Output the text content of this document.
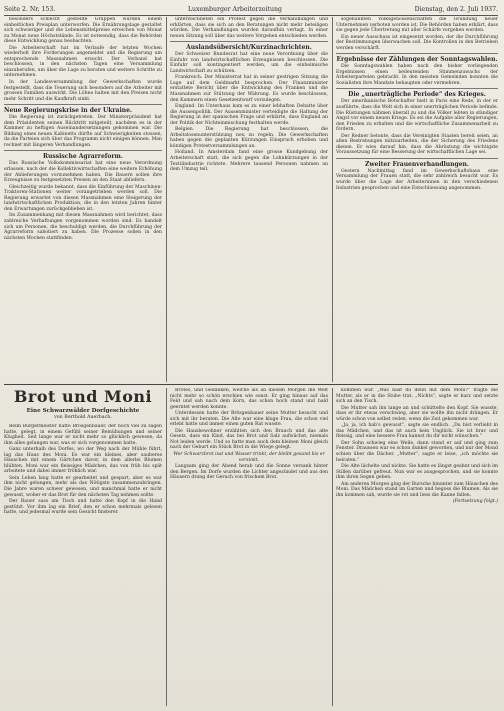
Seite 2. Nr. 153.	Luxemburger Arbeiterzeitung	Dienstag, den 2. Juli 1937.

besonders schlecht gestellte Gruppen wurden einem einheitlichen Preisplan unterworfen. Die Ernährungslage gestaltet sich schwieriger und die Lebensmittelpreise erreichen von Monat zu Monat neue Höchststände. Es ist notwendig, dass die Behörden diese Entwicklung genau beobachten.

Die Arbeiterschaft hat im Verlaufe der letzten Wochen wiederholt ihre Forderungen angemeldet und die Regierung um entsprechende Massnahmen ersucht. Der Verband hat beschlossen, in den nächsten Tagen eine Versammlung einzuberufen, um über die Lage zu beraten und weitere Schritte zu unternehmen.

In der Landesversammlung der Gewerkschaften wurde festgestellt, dass die Teuerung sich besonders auf die Arbeiter mit grossen Familien auswirkt. Die Löhne halten mit den Preisen nicht mehr Schritt und die Kaufkraft sinkt.

Neue Regierungskrise in der Ukraine.

Die Regierung ist zurückgetreten. Der Ministerpräsident hat dem Präsidenten seinen Rücktritt mitgeteilt, nachdem es in der Kammer zu heftigen Auseinandersetzungen gekommen war. Die Bildung eines neuen Kabinetts dürfte auf Schwierigkeiten stossen, da die Parteien sich über das Programm nicht einigen können. Man rechnet mit längeren Verhandlungen.

Russische Agrarreform.

Das Russische Volkskommissariat hat eine neue Verordnung erlassen, nach der die Kollektivwirtschaften eine weitere Erhöhung der Ablieferungen vorzunehmen haben. Die Bauern sollen ihre Erzeugnisse zu festgesetzten Preisen an den Staat abliefern.

Gleichzeitig wurde bekannt, dass die Einführung der Maschinen-Traktoren-Stationen weiter vorangetrieben werden soll. Die Regierung erwartet von diesen Massnahmen eine Steigerung der landwirtschaftlichen Produktion, die in den letzten Jahren hinter den Erwartungen zurückgeblieben ist.

Im Zusammenhang mit diesen Massnahmen wird berichtet, dass zahlreiche Verhaftungen vorgenommen worden sind. Es handelt sich um Personen, die beschuldigt werden, die Durchführung der Agrarreform sabotiert zu haben. Die Prozesse sollen in den nächsten Wochen stattfinden.

unterzeichneten ein Protest gegen die Verhandlungen und erklärten, dass sie sich an den Beratungen nicht mehr beteiligen würden. Die Verhandlungen wurden daraufhin vertagt. In einer neuen Sitzung soll über das weitere Vorgehen entschieden werden.

Auslandsübersicht/Kurzinachrichten.

Der Schweizer Bundesrat hat eine neue Verordnung über die Einfuhr von landwirtschaftlichen Erzeugnissen beschlossen. Die Einfuhr soll kontingentiert werden, um die einheimische Landwirtschaft zu schützen.

Frankreich. Der Ministerrat hat in seiner gestrigen Sitzung die Lage auf dem Geldmarkt besprochen. Der Finanzminister erstattete Bericht über die Entwicklung des Franken und die Massnahmen zur Stützung der Währung. Es wurde beschlossen, den Kammern einen Gesetzentwurf vorzulegen.

England. Im Unterhaus kam es zu einer lebhaften Debatte über die Aussenpolitik. Der Aussenminister verteidigte die Haltung der Regierung in der spanischen Frage und erklärte, dass England an der Politik der Nichteinmischung festhalten werde.

Belgien. Die Regierung hat beschlossen, die Arbeitslosenunterstützung neu zu regeln. Die Gewerkschaften haben gegen die geplanten Kürzungen Einspruch erhoben und kündigen Protestversammlungen an.

Holland. In Amsterdam fand eine grosse Kundgebung der Arbeiterschaft statt, die sich gegen die Lohnkürzungen in der Textilindustrie richtete. Mehrere tausend Personen nahmen an dem Umzug teil.

sogenannten Volksgenossenschaften die Gründung neuer Unternehmen verboten worden ist. Die Behörden haben erklärt, dass sie gegen jede Übertretung mit aller Schärfe vorgehen werden.

Ein neuer Ausschuss ist eingesetzt worden, der die Durchführung der Bestimmungen überwachen soll. Die Kontrollen in den Betrieben werden verschärft.

Ergebnisse der Zählungen der Sonntagswahlen.

Die Sonntagswahlen haben nach den bisher vorliegenden Ergebnissen einen bedeutenden Stimmenzuwachs der Arbeiterparteien gebracht. In den meisten Gemeinden konnten die Sozialisten ihre Mandate behaupten oder vermehren.

Die „unerträgliche Periode“ des Krieges.

Der amerikanische Botschafter hielt in Paris eine Rede, in der er ausführte, dass die Welt sich in einer unerträglichen Periode befinde. Die Rüstungen nähmen überall zu und die Völker lebten in ständiger Angst vor einem neuen Kriege. Es sei die Aufgabe aller Regierungen, den Frieden zu erhalten und die wirtschaftliche Zusammenarbeit zu fördern.

Der Redner betonte, dass die Vereinigten Staaten bereit seien, an allen Bestrebungen mitzuarbeiten, die der Sicherung des Friedens dienen. Er wies darauf hin, dass die Abrüstung die wichtigste Voraussetzung für eine Besserung der wirtschaftlichen Lage sei.

Zweiter Frauenverhandlungen.

Gestern Nachmittag fand im Gewerkschaftshaus eine Versammlung der Frauen statt, die sehr zahlreich besucht war. Es wurde über die Lage der Arbeiterinnen in den verschiedenen Industrien gesprochen und eine Entschliessung angenommen.

Brot und Moni
Eine Schwarzwälder Dorfgeschichte
von Berthold Auerbach.

Beim Bürgermeister hatte Brösgenbauer, der noch viel zu sagen hatte, gelegt, in einem Gefühl seiner Bemühungen und seiner Klugheit. Seit lange war er nicht mehr so glücklich gewesen, da ihm alles gelungen war, was er sich vorgenommen hatte.

Ganz unterhalb des Dorfes, wo der Weg nach der Mühle führt, lag das Haus des Moni. Es war ein kleines, aber sauberes Häuschen mit einem Gärtchen davor, in dem allerlei Blumen blühten. Moni war ein fleissiges Mädchen, das von früh bis spät arbeitete und dabei immer fröhlich war.

Sein Leben lang hatte er gearbeitet und gespart, aber es war ihm nicht gelungen, mehr als das Nötigste zusammenzubringen. Die Jahre waren schwer gewesen, und manchmal hatte er nicht gewusst, woher er das Brot für den nächsten Tag nehmen sollte.

Der Bauer sass am Tisch und hatte den Kopf in die Hand gestützt. Vor ihm lag ein Brief, den er schon mehrmals gelesen hatte, und jedesmal wurde sein Gesicht finsterer.

Brotes, und Gedanken, welche als an diesem Morgen die Welt nicht mehr so schön erschien wie sonst. Er ging hinaus auf das Feld und sah nach dem Korn, das schon hoch stand und bald geerntet werden konnte.

Unterdessen hatte der Brösgenbauer seine Mutter besucht und sich mit ihr beraten. Die Alte war eine kluge Frau, die schon viel erlebt hatte und immer einen guten Rat wusste.

Die Hausbewohner erzählten sich den Brauch und das alte Gesetz, dass ein Kind, das bei Brot und Salz aufwächst, niemals Not leiden werde. Und so hatte man auch dem kleinen Moni gleich nach der Geburt ein Stück Brot in die Wiege gelegt.

Wer Schwarzbrot isst und Wasser trinkt, der bleibt gesund bis er versinkt.

Langsam ging der Abend herab und die Sonne versank hinter den Bergen. Im Dorfe wurden die Lichter angezündet und aus den Häusern drang der Geruch von frischem Brot.

kommen war. „Was hast du denn mit dem Moni?“ fragte die Mutter, als er in die Stube trat. „Nichts“, sagte er kurz und setzte sich an den Tisch.

Die Mutter sah ihn lange an und schüttelte den Kopf. Sie wusste, dass er ihr etwas verschwieg, aber sie wollte ihn nicht drängen. Er würde schon von selbst reden, wenn die Zeit gekommen war.

„Ja, ja, ich hab's gewusst“, sagte sie endlich. „Du bist verliebt in das Mädchen, und das ist auch kein Unglück. Sie ist brav und fleissig, und eine bessere Frau kannst du dir nicht wünschen.“

Der Sohn schwieg eine Weile, dann stand er auf und ging zum Fenster. Draussen war es schon dunkel geworden, und nur der Mond schien über die Dächer. „Mutter“, sagte er leise, „ich möchte sie heiraten.“

Die Alte lächelte und nickte. Sie hatte es längst geahnt und sich im Stillen darüber gefreut. Nun war es ausgesprochen, und sie konnte ihm ihren Segen geben.

Am anderen Morgen ging der Bursche hinunter zum Häuschen des Moni. Das Mädchen stand im Garten und begoss die Blumen. Als sie ihn kommen sah, wurde sie rot und liess die Kanne fallen.

(Fortsetzung folgt.)
